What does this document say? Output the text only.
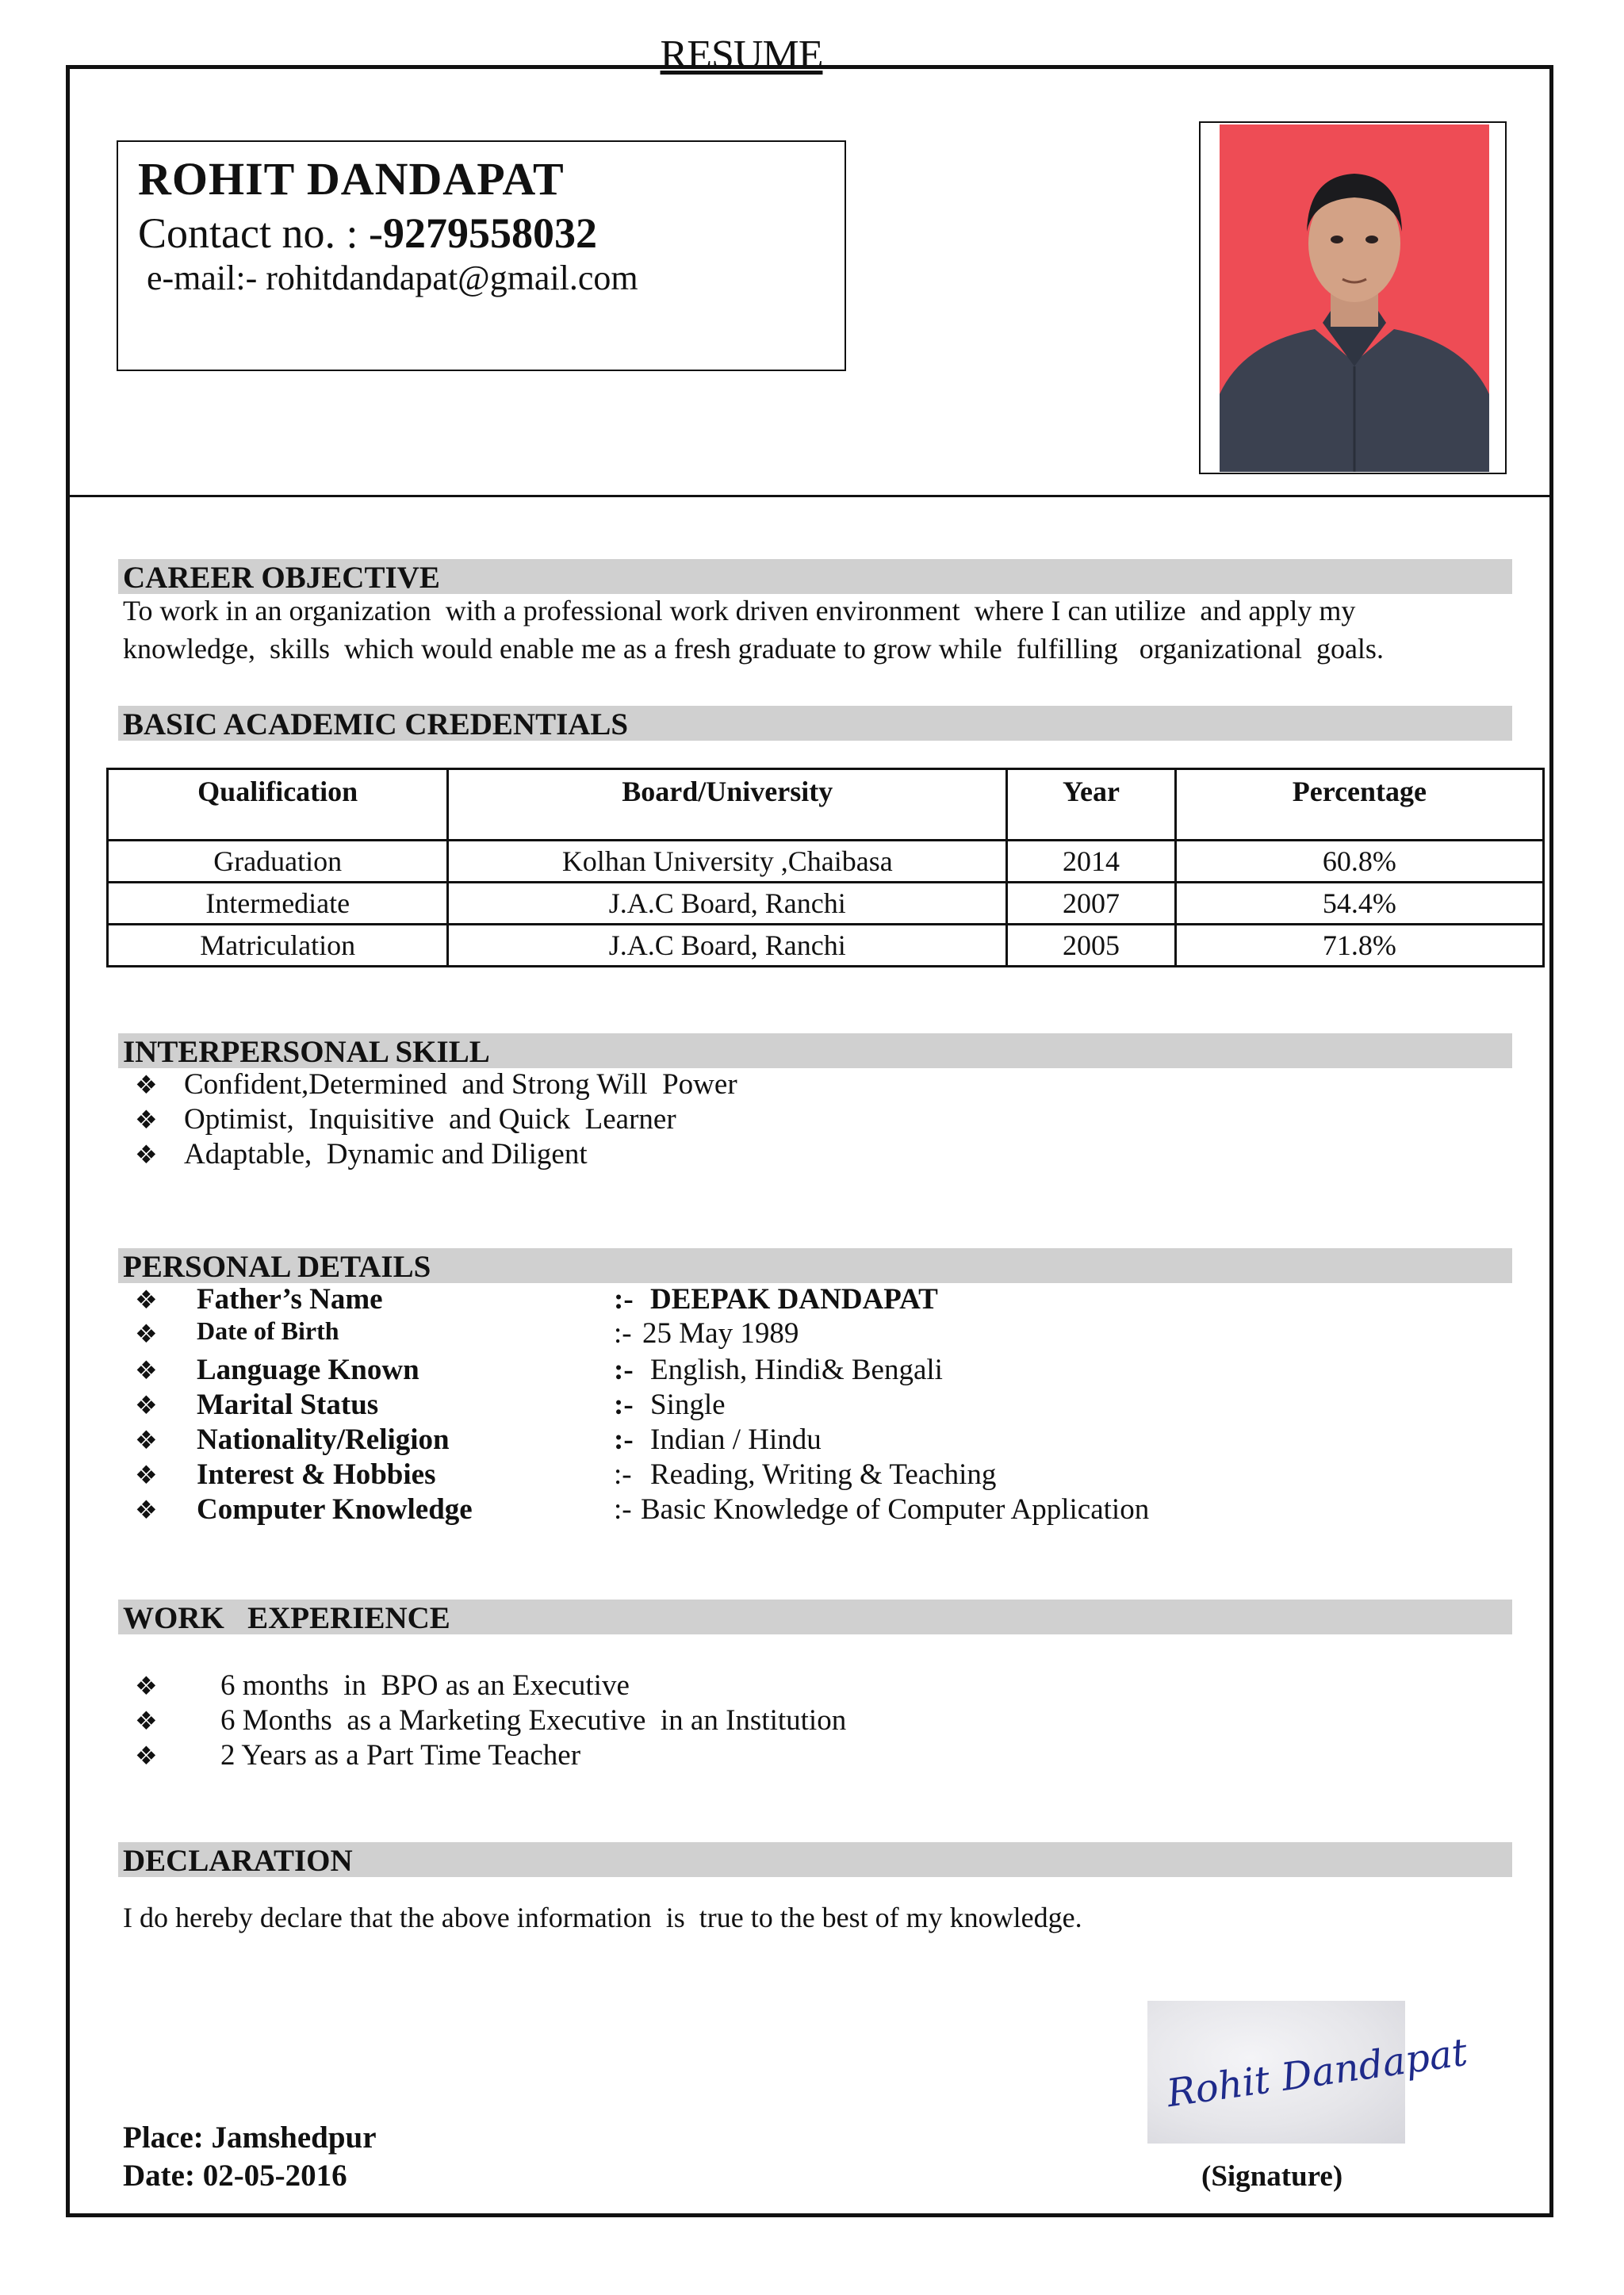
RESUME
ROHIT DANDAPAT
Contact no. : -9279558032
e-mail:- rohitdandapat@gmail.com
CAREER OBJECTIVE
To work in an organization  with a professional work driven environment  where I can utilize  and apply my
knowledge,  skills  which would enable me as a fresh graduate to grow while  fulfilling   organizational  goals.
BASIC ACADEMIC CREDENTIALS
Qualification	Board/University	Year	Percentage
Graduation	Kolhan University ,Chaibasa	2014	60.8%
Intermediate	J.A.C Board, Ranchi	2007	54.4%
Matriculation	J.A.C Board, Ranchi	2005	71.8%
INTERPERSONAL SKILL
❖ Confident,Determined  and Strong Will  Power
❖ Optimist,  Inquisitive  and Quick  Learner
❖ Adaptable,  Dynamic and Diligent
PERSONAL DETAILS
❖ Father’s Name	:- DEEPAK DANDAPAT
❖ Date of Birth	:- 25 May 1989
❖ Language Known	:- English, Hindi& Bengali
❖ Marital Status	:- Single
❖ Nationality/Religion	:- Indian / Hindu
❖ Interest & Hobbies	:- Reading, Writing & Teaching
❖ Computer Knowledge	:- Basic Knowledge of Computer Application
WORK   EXPERIENCE
❖ 6 months  in  BPO as an Executive
❖ 6 Months  as a Marketing Executive  in an Institution
❖ 2 Years as a Part Time Teacher
DECLARATION
I do hereby declare that the above information  is  true to the best of my knowledge.
Rohit Dandapat
Place: Jamshedpur
Date: 02-05-2016	(Signature)
